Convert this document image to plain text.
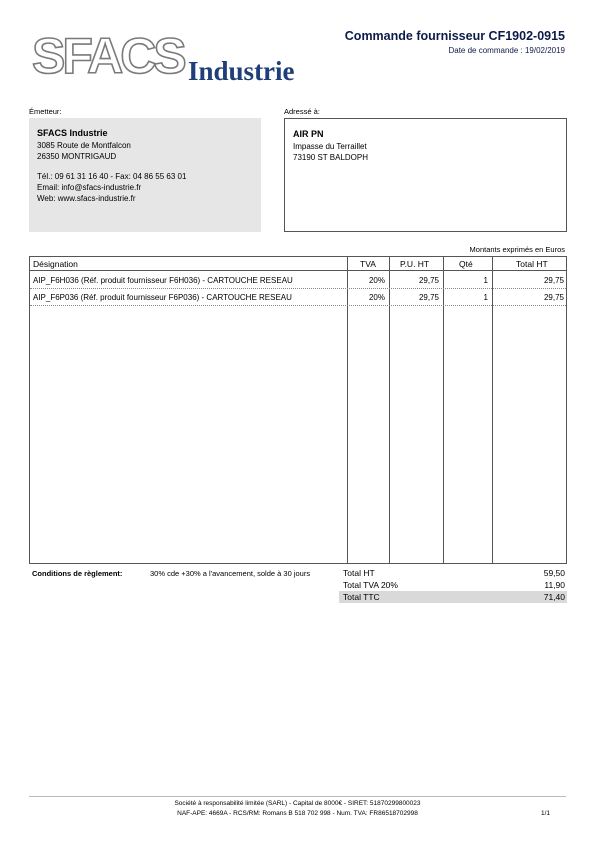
SFACS Industrie
Commande fournisseur CF1902-0915
Date de commande : 19/02/2019
Émetteur:	Adressé à:
SFACS Industrie
3085 Route de Montfalcon
26350 MONTRIGAUD
Tél.: 09 61 31 16 40 - Fax: 04 86 55 63 01
Email: info@sfacs-industrie.fr
Web: www.sfacs-industrie.fr
AIR PN
Impasse du Terraillet
73190 ST BALDOPH
Montants exprimés en Euros
Désignation	TVA	P.U. HT	Qté	Total HT
AIP_F6H036 (Réf. produit fournisseur F6H036) - CARTOUCHE RESEAU	20%	29,75	1	29,75
AIP_F6P036 (Réf. produit fournisseur F6P036) - CARTOUCHE RESEAU	20%	29,75	1	29,75
Conditions de règlement:	30% cde +30% a l'avancement, solde à 30 jours	Total HT	59,50
Total TVA 20%	11,90
Total TTC	71,40
Société à responsabilité limitée (SARL) - Capital de 8000€ - SIRET: 51870299800023
NAF-APE: 4669A - RCS/RM: Romans B 518 702 998 - Num. TVA: FR86518702998	1/1
